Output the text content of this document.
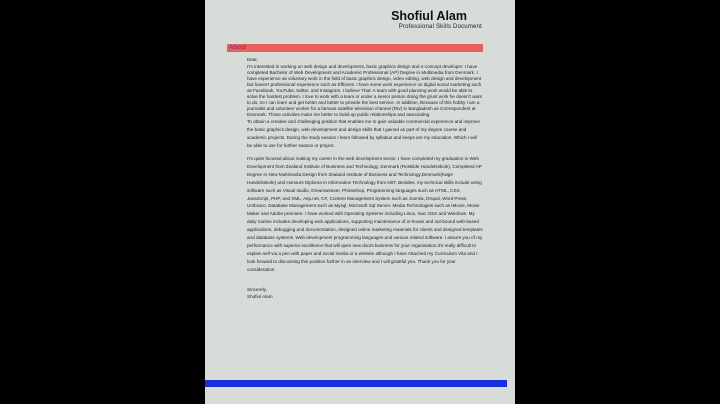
Shofiul Alam
Professional Skills Document
About

Dear,

I'm interested in working on web design and development, basic graphics design and e-concept developer. I have completed Bachelor of Web Development and Academic Professional (AP) Degree in Multimedia from Denmark. I have experience as voluntary work in the field of basic graphics design, video editing, web design and development but haven't professional experience such as Efficient. I have some work experience on digital social marketing such as Facebook, YouTube, twitter, and Instagram. I believe That: A team with good planning work would be able to solve the hardest problem. I love to work with a team or under a senior person doing the grunt work he doesn't want to do, so I can learn and get better and better to provide the best service. In addition, Because of this hobby I am a journalist and volunteer worker for a famous satellite television channel (Rtv) in Bangladesh as Correspondent at Denmark. Those activities make me better to build-up public relationships and associating.

To obtain a creative and challenging position that enables me to gain valuable commercial experience and improve the basic graphics design, web development and design skills that I gained as part of my degree course and academic projects. During the study season I learn followed by syllabus and keeps are my education. Which I will be able to use for further season or project.

I'm quite focused about making my career in the web development sector. I have completed my graduation in Web Development from Zealand Institute of Business and Technology, Denmark (Roskilde Handelsskole), Completed AP Degree In New Multimedia Design from Zealand Institute of Business and Technology,Denmark(Køge Handelsskole) and Honours Diploma In Information Technology from NIIT. Besides, my technical skills include using software such as Visual studio, Dreamweaver, Photoshop, Programming languages such as HTML, CSS, JavaScript, PHP, and XML, Asp.net, C#, Content Management System such as Joomla, Drupal, Word Press, Umbraco. Database Management such as Mysql, Microsoft Sql Server. Media Technologies such as iMovie, Movie Maker and Adobe premiere. I have worked with Operating Systems including Linux, mac OSX and Windows. My daily routine includes developing web applications, supporting maintenance of in-house and out-bound web-based applications, debugging and documentation, designed online marketing materials for clients and designed templates and database systems. Web development programming languages and various related software. I assure you of my performance with superior excellence that will open new doors business for your organisation.It's really difficult to explain self via a pen with paper and social media or a website although I have Attached my Curriculum Vita and I look forward to discussing this position further in an interview and I will grateful you. Thank you for your consideration.

Sincerely,

Shofiul Alam
